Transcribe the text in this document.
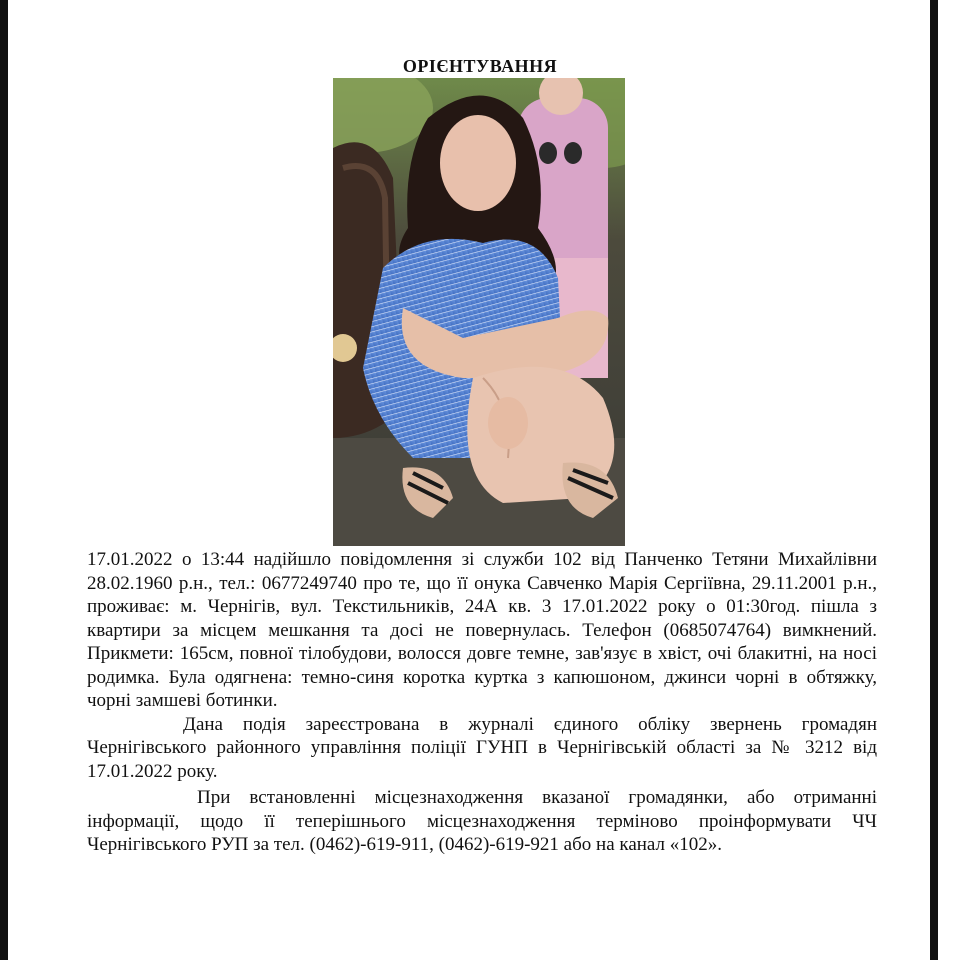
ОРІЄНТУВАННЯ

17.01.2022 о 13:44 надійшло повідомлення зі служби 102 від Панченко Тетяни Михайлівни 28.02.1960 р.н., тел.: 0677249740 про те, що її онука Савченко Марія Сергіївна, 29.11.2001 р.н., проживає: м. Чернігів, вул. Текстильників, 24А кв. 3 17.01.2022 року о 01:30год. пішла з квартири за місцем мешкання та досі не повернулась. Телефон (0685074764) вимкнений. Прикмети: 165см, повної тілобудови, волосся довге темне, зав'язує в хвіст, очі блакитні, на носі родимка. Була одягнена: темно-синя коротка куртка з капюшоном, джинси чорні в обтяжку, чорні замшеві ботинки.

Дана подія зареєстрована в журналі єдиного обліку звернень громадян Чернігівського районного управління поліції ГУНП в Чернігівській області за № 3212 від 17.01.2022 року.

При встановленні місцезнаходження вказаної громадянки, або отриманні інформації, щодо її теперішнього місцезнаходження терміново проінформувати ЧЧ Чернігівського РУП за тел. (0462)-619-911, (0462)-619-921 або на канал «102».
